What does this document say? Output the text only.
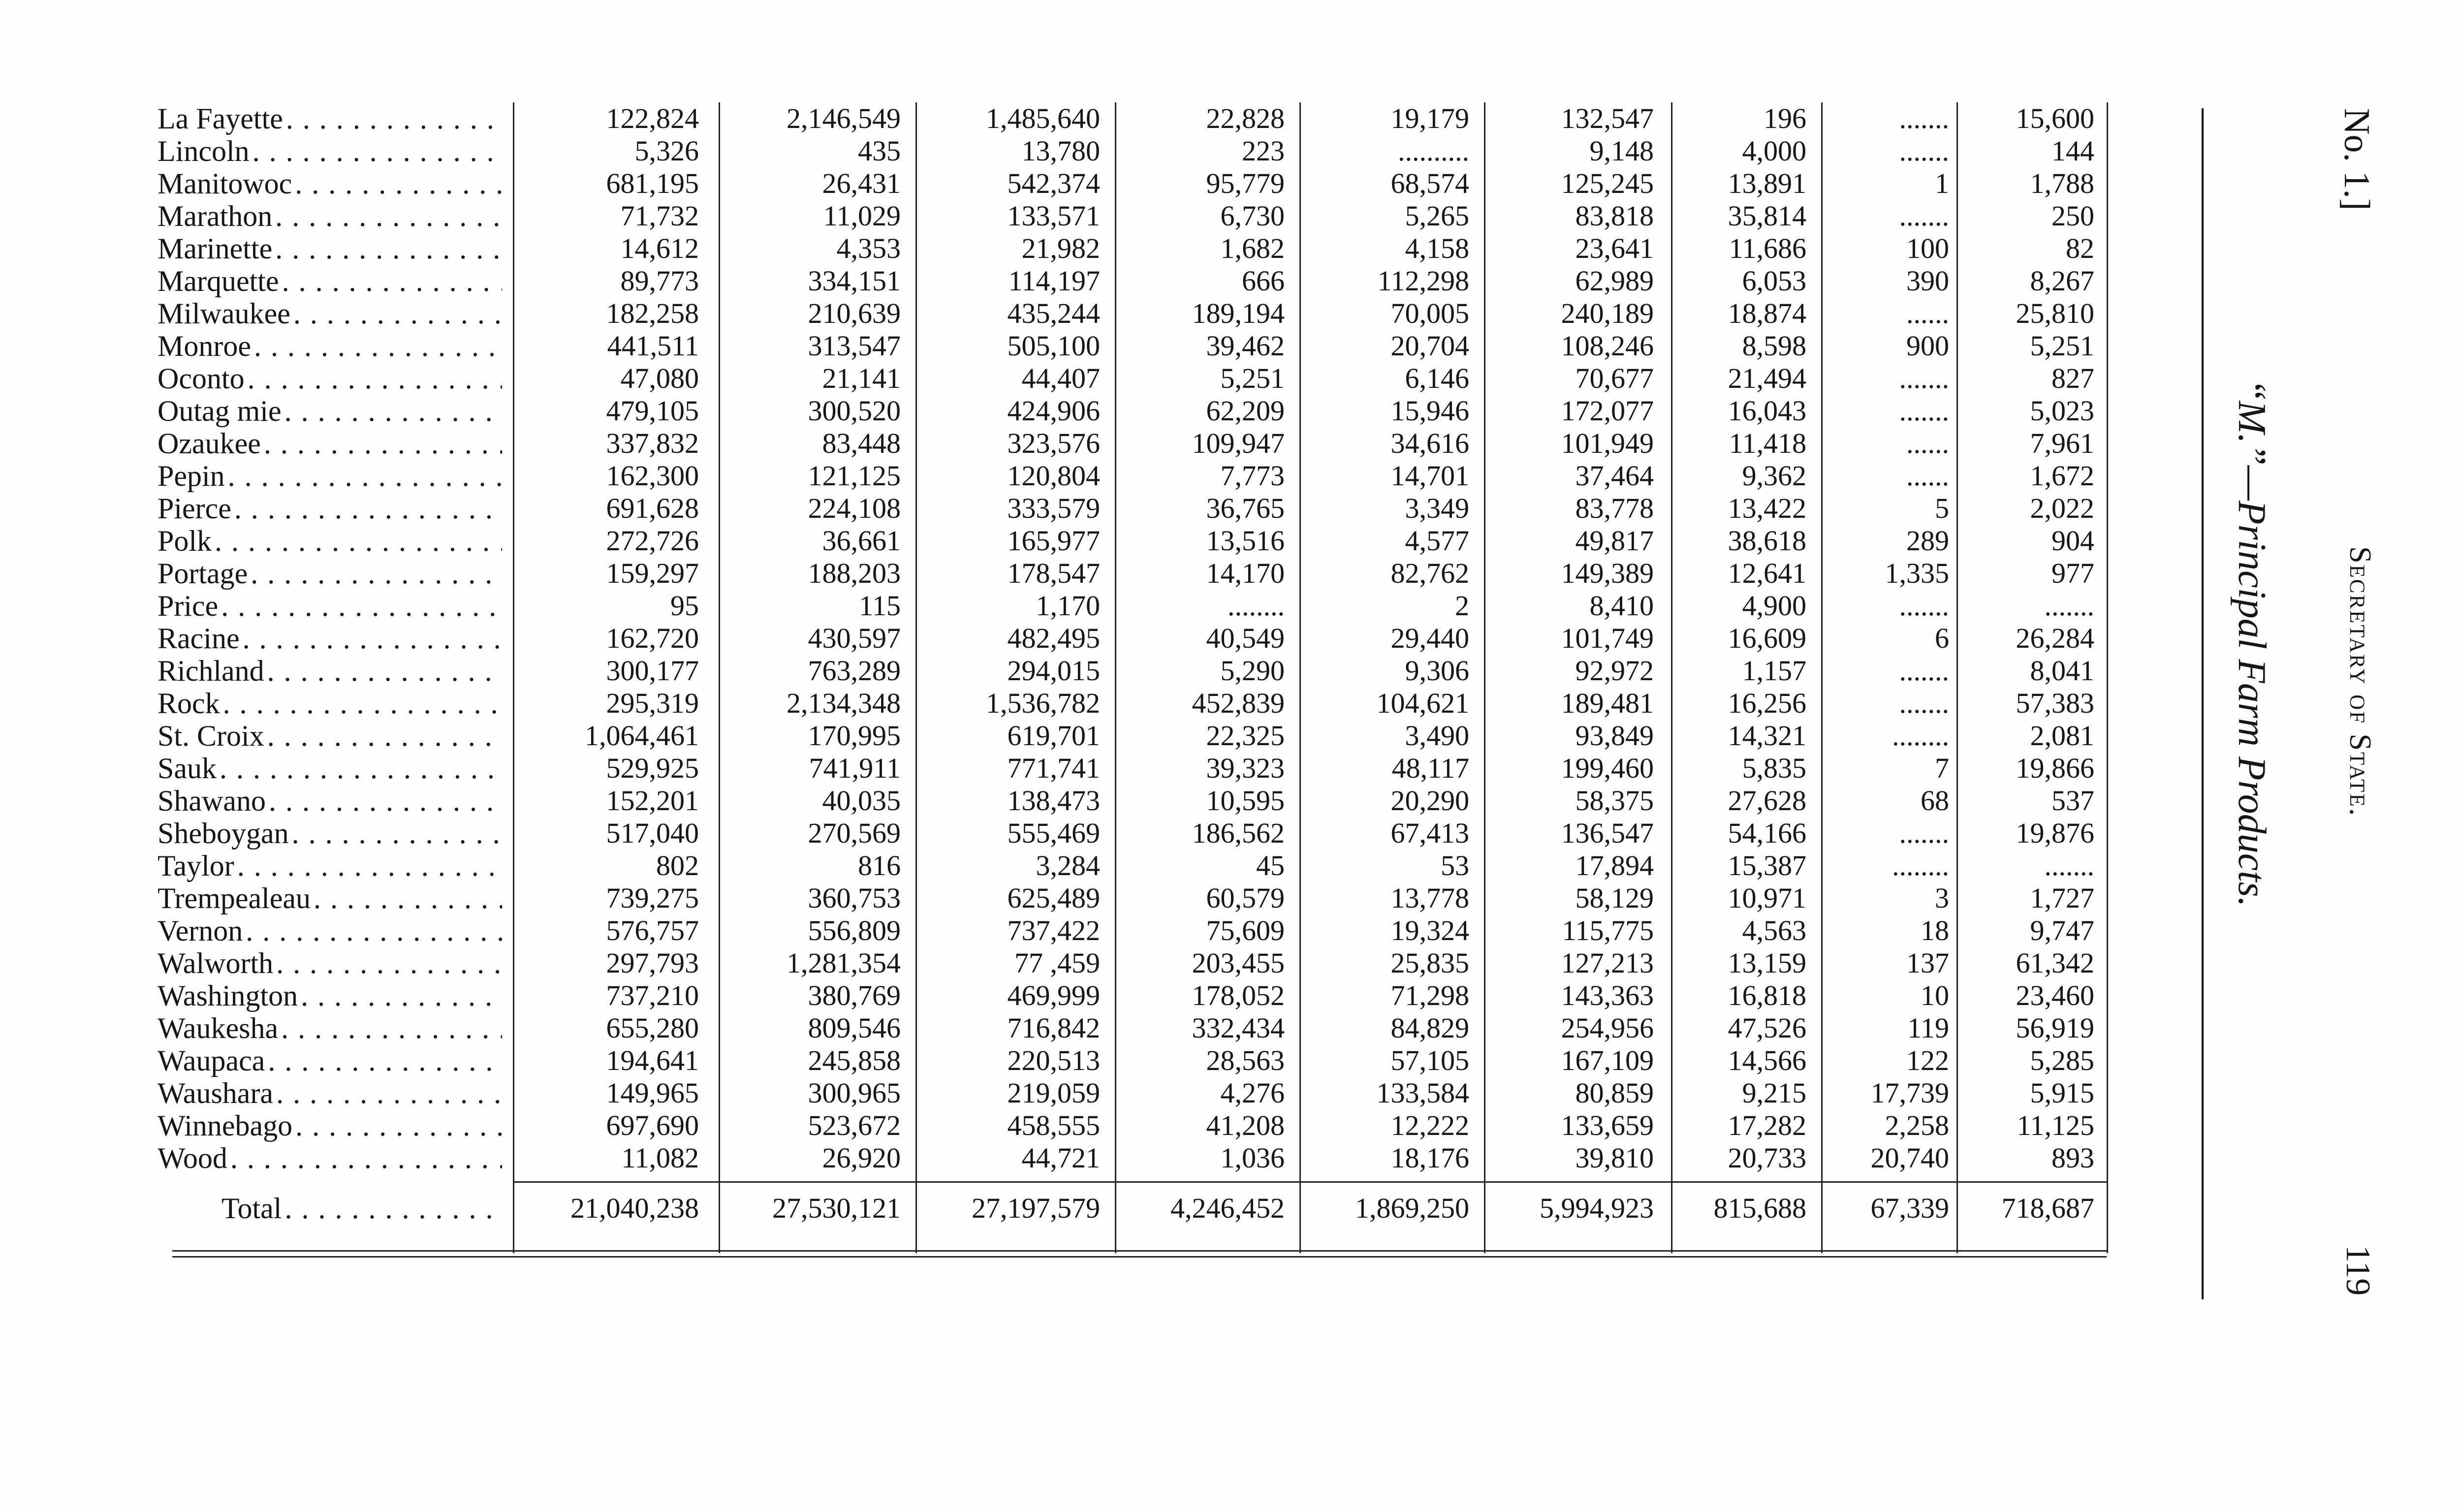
La Fayette
. . .	122,824	2,146,549	1,485,640	22,828	19,179	132,547	196	.......	15,600
Lincoln
. . .	5,326	435	13,780	223	..........	9,148	4,000	.......	144
Manitowoc
. . .	681,195	26,431	542,374	95,779	68,574	125,245	13,891	1	1,788
Marathon
. . .	71,732	11,029	133,571	6,730	5,265	83,818	35,814	.......	250
Marinette
. . .	14,612	4,353	21,982	1,682	4,158	23,641	11,686	100	82
Marquette
. . .	89,773	334,151	114,197	666	112,298	62,989	6,053	390	8,267
Milwaukee
. . .	182,258	210,639	435,244	189,194	70,005	240,189	18,874	......	25,810
Monroe
. . .	441,511	313,547	505,100	39,462	20,704	108,246	8,598	900	5,251
Oconto
. . .	47,080	21,141	44,407	5,251	6,146	70,677	21,494	.......	827
Outag mie
. . .	479,105	300,520	424,906	62,209	15,946	172,077	16,043	.......	5,023
Ozaukee
. . .	337,832	83,448	323,576	109,947	34,616	101,949	11,418	......	7,961
Pepin
. . .	162,300	121,125	120,804	7,773	14,701	37,464	9,362	......	1,672
Pierce
. . .	691,628	224,108	333,579	36,765	3,349	83,778	13,422	5	2,022
Polk
. . .	272,726	36,661	165,977	13,516	4,577	49,817	38,618	289	904
Portage
. . .	159,297	188,203	178,547	14,170	82,762	149,389	12,641	1,335	977
Price
. . .	95	115	1,170	........	2	8,410	4,900	.......	.......
Racine
. . .	162,720	430,597	482,495	40,549	29,440	101,749	16,609	6	26,284
Richland
. . .	300,177	763,289	294,015	5,290	9,306	92,972	1,157	.......	8,041
Rock
. . .	295,319	2,134,348	1,536,782	452,839	104,621	189,481	16,256	.......	57,383
St. Croix
. . .	1,064,461	170,995	619,701	22,325	3,490	93,849	14,321	........	2,081
Sauk
. . .	529,925	741,911	771,741	39,323	48,117	199,460	5,835	7	19,866
Shawano
. . .	152,201	40,035	138,473	10,595	20,290	58,375	27,628	68	537
Sheboygan
. . .	517,040	270,569	555,469	186,562	67,413	136,547	54,166	.......	19,876
Taylor
. . .	802	816	3,284	45	53	17,894	15,387	........	.......
Trempealeau
. . .	739,275	360,753	625,489	60,579	13,778	58,129	10,971	3	1,727
Vernon
. . .	576,757	556,809	737,422	75,609	19,324	115,775	4,563	18	9,747
Walworth
. . .	297,793	1,281,354	77 ,459	203,455	25,835	127,213	13,159	137	61,342
Washington
. . .	737,210	380,769	469,999	178,052	71,298	143,363	16,818	10	23,460
Waukesha
. . .	655,280	809,546	716,842	332,434	84,829	254,956	47,526	119	56,919
Waupaca
. . .	194,641	245,858	220,513	28,563	57,105	167,109	14,566	122	5,285
Waushara
. . .	149,965	300,965	219,059	4,276	133,584	80,859	9,215	17,739	5,915
Winnebago
. . .	697,690	523,672	458,555	41,208	12,222	133,659	17,282	2,258	11,125
Wood
. . .	11,082	26,920	44,721	1,036	18,176	39,810	20,733	20,740	893
Total
. . .	21,040,238	27,530,121	27,197,579	4,246,452	1,869,250	5,994,923	815,688	67,339	718,687
No. 1.]
Secretary of State.
119
“M.”—Principal Farm Products.
